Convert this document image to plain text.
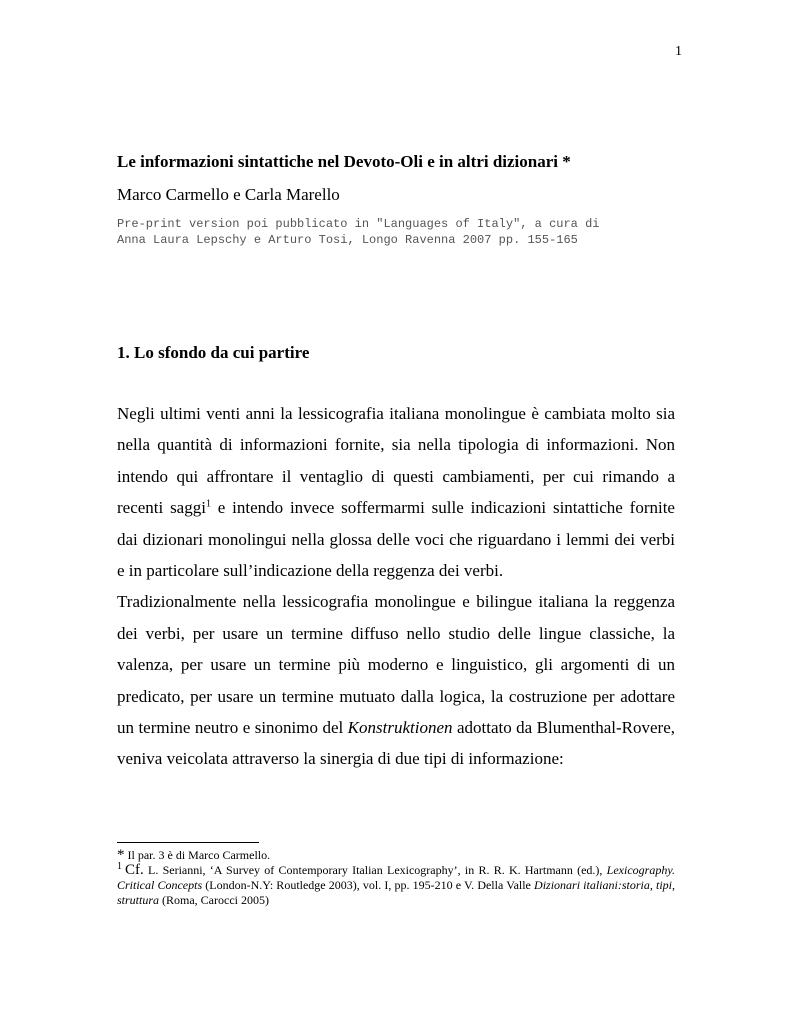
1
Le informazioni sintattiche nel Devoto-Oli e in altri dizionari *
Marco Carmello e Carla Marello
Pre-print version poi pubblicato in "Languages of Italy", a cura di
Anna Laura Lepschy e Arturo Tosi, Longo Ravenna 2007 pp. 155-165
1. Lo sfondo da cui partire

Negli ultimi venti anni la lessicografia italiana monolingue è cambiata molto sia nella quantità di informazioni fornite, sia nella tipologia di informazioni. Non intendo qui affrontare il ventaglio di questi cambiamenti, per cui rimando a recenti saggi$^1$ e intendo invece soffermarmi sulle indicazioni sintattiche fornite dai dizionari monolingui nella glossa delle voci che riguardano i lemmi dei verbi e in particolare sull’indicazione della reggenza dei verbi.

Tradizionalmente nella lessicografia monolingue e bilingue italiana la reggenza dei verbi, per usare un termine diffuso nello studio delle lingue classiche, la valenza, per usare un termine più moderno e linguistico, gli argomenti di un predicato, per usare un termine mutuato dalla logica, la costruzione per adottare un termine neutro e sinonimo del Konstruktionen adottato da Blumenthal-Rovere, veniva veicolata attraverso la sinergia di due tipi di informazione:

* Il par. 3 è di Marco Carmello.

$^1$ Cf. L. Serianni, ‘A Survey of Contemporary Italian Lexicography’, in R. R. K. Hartmann (ed.), Lexicography. Critical Concepts (London-N.Y: Routledge 2003), vol. I, pp. 195-210 e V. Della Valle Dizionari italiani:storia, tipi, struttura (Roma, Carocci 2005)
